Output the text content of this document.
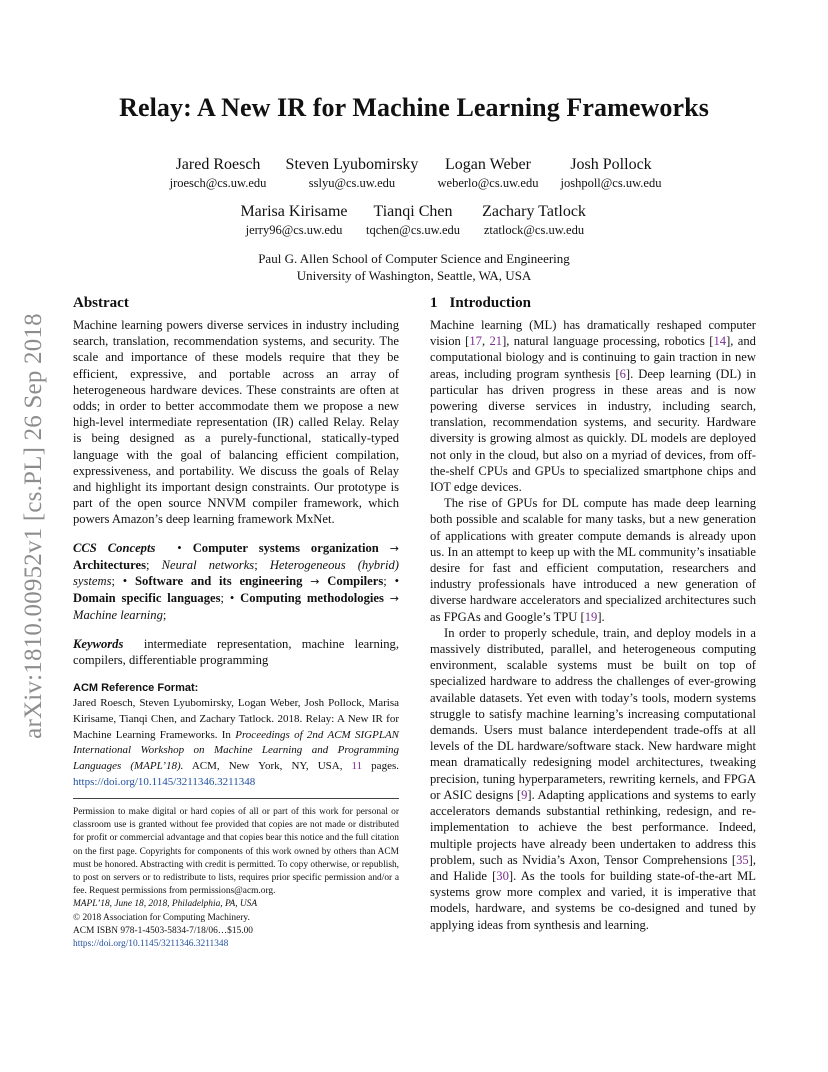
arXiv:1810.00952v1 [cs.PL] 26 Sep 2018
Relay: A New IR for Machine Learning Frameworks
Jared Roesch
jroesch@cs.uw.edu
Steven Lyubomirsky
sslyu@cs.uw.edu
Logan Weber
weberlo@cs.uw.edu
Josh Pollock
joshpoll@cs.uw.edu
Marisa Kirisame
jerry96@cs.uw.edu
Tianqi Chen
tqchen@cs.uw.edu
Zachary Tatlock
ztatlock@cs.uw.edu
Paul G. Allen School of Computer Science and Engineering
University of Washington, Seattle, WA, USA
Abstract

Machine learning powers diverse services in industry including search, translation, recommendation systems, and security. The scale and importance of these models require that they be efficient, expressive, and portable across an array of heterogeneous hardware devices. These constraints are often at odds; in order to better accommodate them we propose a new high-level intermediate representation (IR) called Relay. Relay is being designed as a purely-functional, statically-typed language with the goal of balancing efficient compilation, expressiveness, and portability. We discuss the goals of Relay and highlight its important design constraints. Our prototype is part of the open source NNVM compiler framework, which powers Amazon’s deep learning framework MxNet.

CCS Concepts  • Computer systems organization → Architectures; Neural networks; Heterogeneous (hybrid) systems; • Software and its engineering → Compilers; • Domain specific languages; • Computing methodologies → Machine learning;

Keywords intermediate representation, machine learning, compilers, differentiable programming

ACM Reference Format:

Jared Roesch, Steven Lyubomirsky, Logan Weber, Josh Pollock, Marisa Kirisame, Tianqi Chen, and Zachary Tatlock. 2018. Relay: A New IR for Machine Learning Frameworks. In Proceedings of 2nd ACM SIGPLAN International Workshop on Machine Learning and Programming Languages (MAPL’18). ACM, New York, NY, USA, 11 pages. https://doi.org/10.1145/3211346.3211348

Permission to make digital or hard copies of all or part of this work for personal or classroom use is granted without fee provided that copies are not made or distributed for profit or commercial advantage and that copies bear this notice and the full citation on the first page. Copyrights for components of this work owned by others than ACM must be honored. Abstracting with credit is permitted. To copy otherwise, or republish, to post on servers or to redistribute to lists, requires prior specific permission and/or a fee. Request permissions from permissions@acm.org.

MAPL’18, June 18, 2018, Philadelphia, PA, USA

© 2018 Association for Computing Machinery.

ACM ISBN 978-1-4503-5834-7/18/06…$15.00

https://doi.org/10.1145/3211346.3211348

1 Introduction

Machine learning (ML) has dramatically reshaped computer vision [17, 21], natural language processing, robotics [14], and computational biology and is continuing to gain traction in new areas, including program synthesis [6]. Deep learning (DL) in particular has driven progress in these areas and is now powering diverse services in industry, including search, translation, recommendation systems, and security. Hardware diversity is growing almost as quickly. DL models are deployed not only in the cloud, but also on a myriad of devices, from off-the-shelf CPUs and GPUs to specialized smartphone chips and IOT edge devices.

The rise of GPUs for DL compute has made deep learning both possible and scalable for many tasks, but a new generation of applications with greater compute demands is already upon us. In an attempt to keep up with the ML community’s insatiable desire for fast and efficient computation, researchers and industry professionals have introduced a new generation of diverse hardware accelerators and specialized architectures such as FPGAs and Google’s TPU [19].

In order to properly schedule, train, and deploy models in a massively distributed, parallel, and heterogeneous computing environment, scalable systems must be built on top of specialized hardware to address the challenges of ever-growing available datasets. Yet even with today’s tools, modern systems struggle to satisfy machine learning’s increasing computational demands. Users must balance interdependent trade-offs at all levels of the DL hardware/software stack. New hardware might mean dramatically redesigning model architectures, tweaking precision, tuning hyperparameters, rewriting kernels, and FPGA or ASIC designs [9]. Adapting applications and systems to early accelerators demands substantial rethinking, redesign, and re-implementation to achieve the best performance. Indeed, multiple projects have already been undertaken to address this problem, such as Nvidia’s Axon, Tensor Comprehensions [35], and Halide [30]. As the tools for building state-of-the-art ML systems grow more complex and varied, it is imperative that models, hardware, and systems be co-designed and tuned by applying ideas from synthesis and learning.
